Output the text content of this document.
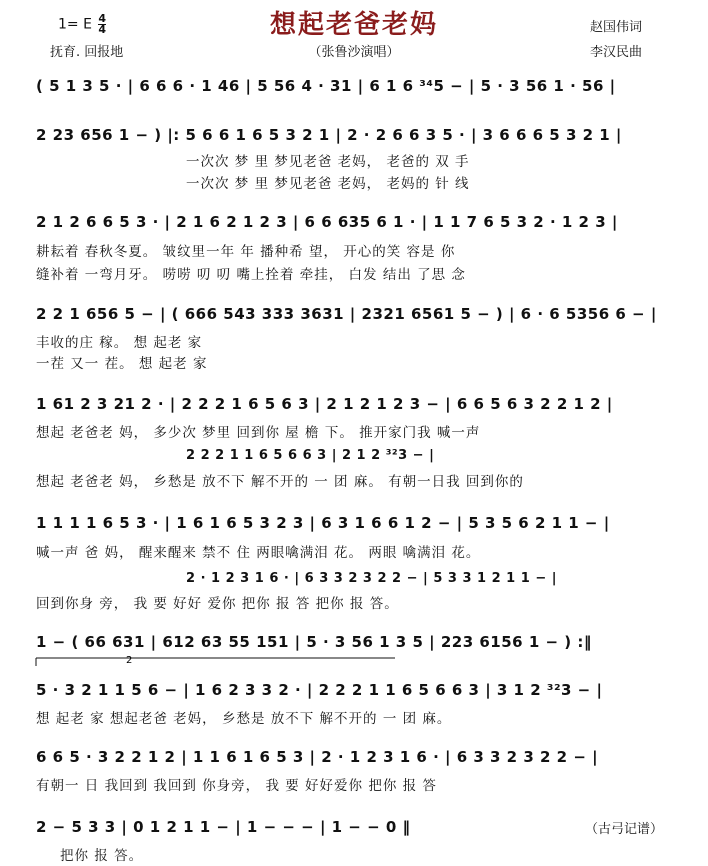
想起老爸老妈
1= E $\frac{4}{4}$
抚育. 回报地	（张鲁沙演唱）
赵国伟词
李汉民曲
( 5 1 3 5 · | 6 6 6 · 1 46 | 5 56 4 · 31 | 6 1 6 ³⁴5 − | 5 · 3 56 1 · 56 |
2 23 656 1 − ) |: 5 6 6 1 6 5 3 2 1 | 2 · 2 6 6 3 5 · | 3 6 6 6 5 3 2 1 |
一次次 梦 里 梦见老爸 老妈， 老爸的 双 手
一次次 梦 里 梦见老爸 老妈， 老妈的 针 线
2 1 2 6 6 5 3 · | 2 1 6 2 1 2 3 | 6 6 635 6 1 · | 1 1 7 6 5 3 2 · 1 2 3 |
耕耘着 春秋冬夏。 皱纹里一年 年 播种希 望， 开心的笑 容是 你
缝补着 一弯月牙。 唠唠 叨 叨 嘴上拴着 牵挂， 白发 结出 了思 念
2 2 1 656 5 − | ( 666 543 333 3631 | 2321 6561 5 − ) | 6 · 6 5356 6 − |
丰收的庄 稼。 想 起老 家
一茬 又一 茬。 想 起老 家
1 61 2 3 21 2 · | 2 2 2 1 6 5 6 3 | 2 1 2 1 2 3 − | 6 6 5 6 3 2 2 1 2 |
想起 老爸老 妈， 多少次 梦里 回到你 屋 檐 下。 推开家门我 喊一声
2 2 2 1 1 6 5 6 6 3 | 2 1 2 ³²3 − |
想起 老爸老 妈， 乡愁是 放不下 解不开的 一 团 麻。 有朝一日我 回到你的
1 1 1 1 6 5 3 · | 1 6 1 6 5 3 2 3 | 6 3 1 6 6 1 2 − | 5 3 5 6 2 1 1 − |
喊一声 爸 妈， 醒来醒来 禁不 住 两眼噙满泪 花。 两眼 噙满泪 花。
2 · 1 2 3 1 6 · | 6 3 3 2 3 2 2 − | 5 3 3 1 2 1 1 − |
回到你身 旁， 我 要 好好 爱你 把你 报 答 把你 报 答。
1 − ( 66 631 | 612 63 55 151 | 5 · 3 56 1 3 5 | 223 6156 1 − ) :‖
5 · 3 2 1 1 5 6 − | 1 6 2 3 3 2 · | 2 2 2 1 1 6 5 6 6 3 | 3 1 2 ³²3 − |
想 起老 家 想起老爸 老妈， 乡愁是 放不下 解不开的 一 团 麻。
6 6 5 · 3 2 2 1 2 | 1 1 6 1 6 5 3 | 2 · 1 2 3 1 6 · | 6 3 3 2 3 2 2 − |
有朝一 日 我回到 我回到 你身旁， 我 要 好好爱你 把你 报 答
2 − 5 3 3 | 0 1 2 1 1 − | 1 − − − | 1 − − 0 ‖
把你 报 答。
（古弓记谱）
2
